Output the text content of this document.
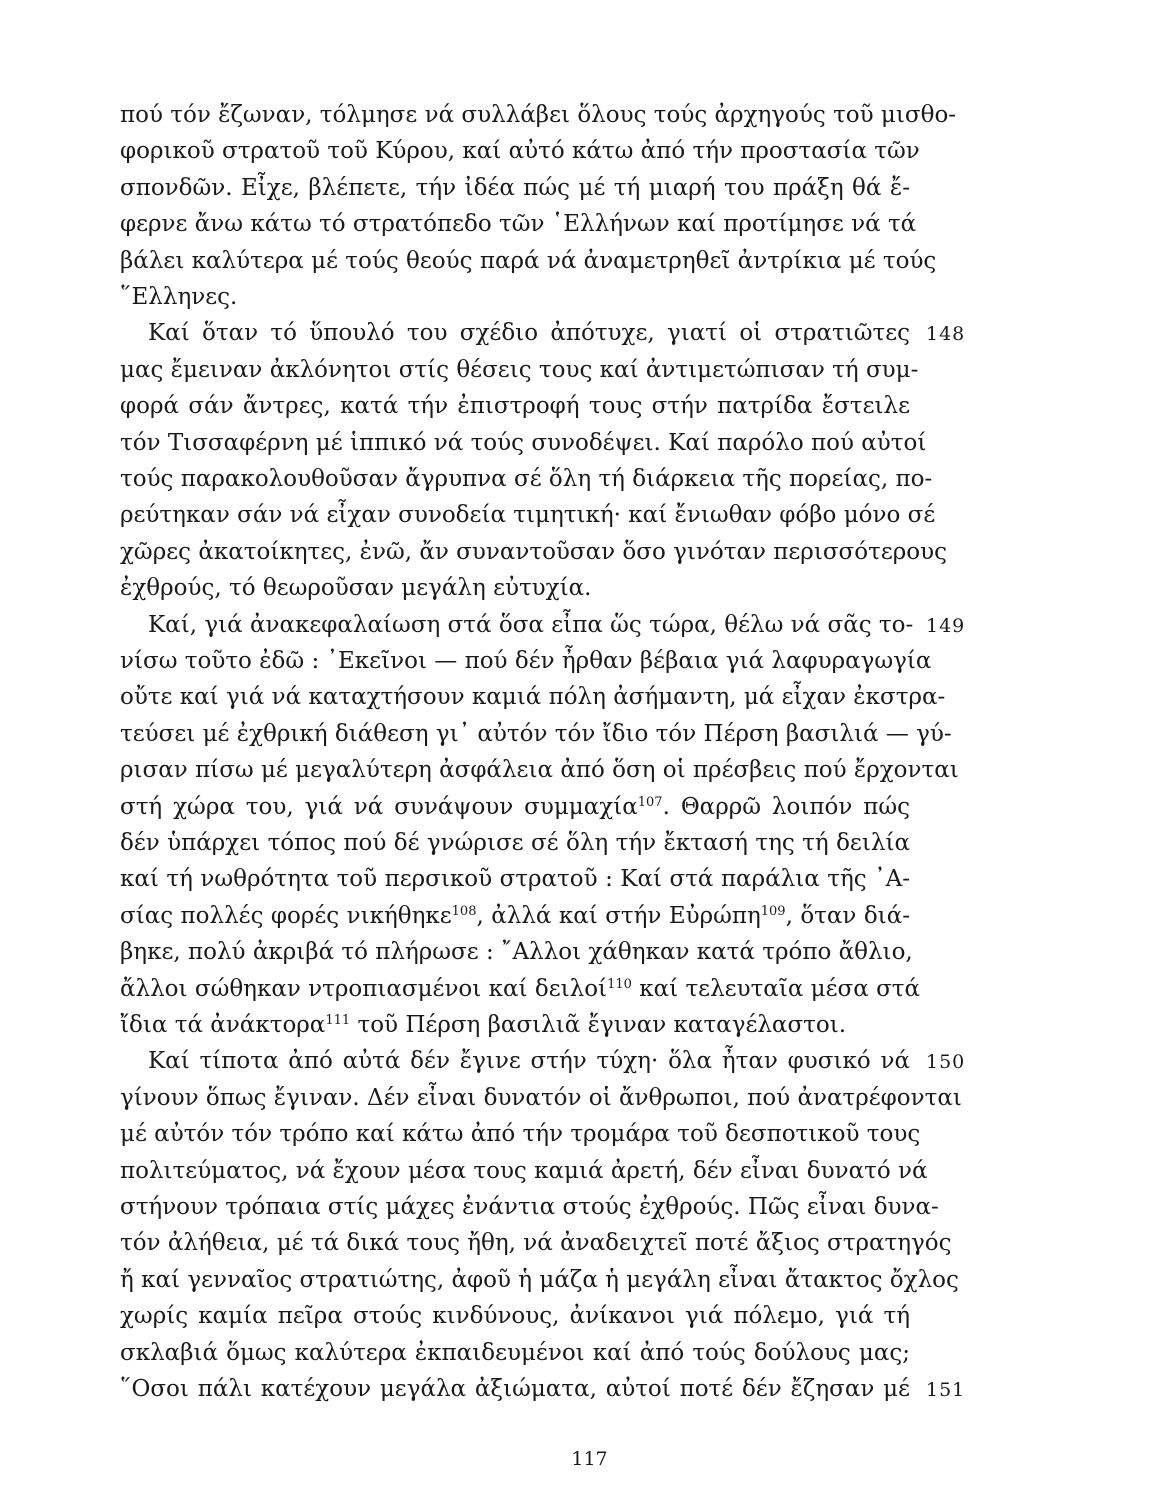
πού τόν ἔζωναν, τόλμησε νά συλλάβει ὅλους τούς ἀρχηγούς τοῦ μισθο-
φορικοῦ στρατοῦ τοῦ Κύρου, καί αὐτό κάτω ἀπό τήν προστασία τῶν
σπονδῶν. Εἶχε, βλέπετε, τήν ἰδέα πώς μέ τή μιαρή του πράξη θά ἔ-
φερνε ἄνω κάτω τό στρατόπεδο τῶν ῾Ελλήνων καί προτίμησε νά τά
βάλει καλύτερα μέ τούς θεούς παρά νά ἀναμετρηθεῖ ἀντρίκια μέ τούς
῞Ελληνες.
Καί ὅταν τό ὕπουλό του σχέδιο ἀπότυχε, γιατί οἱ στρατιῶτες 148
μας ἔμειναν ἀκλόνητοι στίς θέσεις τους καί ἀντιμετώπισαν τή συμ-
φορά σάν ἄντρες, κατά τήν ἐπιστροφή τους στήν πατρίδα ἔστειλε
τόν Τισσαφέρνη μέ ἱππικό νά τούς συνοδέψει. Καί παρόλο πού αὐτοί
τούς παρακολουθοῦσαν ἄγρυπνα σέ ὅλη τή διάρκεια τῆς πορείας, πο-
ρεύτηκαν σάν νά εἶχαν συνοδεία τιμητική· καί ἔνιωθαν φόβο μόνο σέ
χῶρες ἀκατοίκητες, ἐνῶ, ἄν συναντοῦσαν ὅσο γινόταν περισσότερους
ἐχθρούς, τό θεωροῦσαν μεγάλη εὐτυχία.
Καί, γιά ἀνακεφαλαίωση στά ὅσα εἶπα ὥς τώρα, θέλω νά σᾶς το- 149
νίσω τοῦτο ἐδῶ : ᾿Εκεῖνοι — πού δέν ἦρθαν βέβαια γιά λαφυραγωγία
οὔτε καί γιά νά καταχτήσουν καμιά πόλη ἀσήμαντη, μά εἶχαν ἐκστρα-
τεύσει μέ ἐχθρική διάθεση γι᾿ αὐτόν τόν ἴδιο τόν Πέρση βασιλιά — γύ-
ρισαν πίσω μέ μεγαλύτερη ἀσφάλεια ἀπό ὅση οἱ πρέσβεις πού ἔρχονται
στή χώρα του, γιά νά συνάψουν συμμαχία$^{107}$. Θαρρῶ λοιπόν πώς
δέν ὑπάρχει τόπος πού δέ γνώρισε σέ ὅλη τήν ἔκτασή της τή δειλία
καί τή νωθρότητα τοῦ περσικοῦ στρατοῦ : Καί στά παράλια τῆς ᾿Α-
σίας πολλές φορές νικήθηκε$^{108}$, ἀλλά καί στήν Εὐρώπη$^{109}$, ὅταν διά-
βηκε, πολύ ἀκριβά τό πλήρωσε : ῎Αλλοι χάθηκαν κατά τρόπο ἄθλιο,
ἄλλοι σώθηκαν ντροπιασμένοι καί δειλοί$^{110}$ καί τελευταῖα μέσα στά
ἴδια τά ἀνάκτορα$^{111}$ τοῦ Πέρση βασιλιᾶ ἔγιναν καταγέλαστοι.
Καί τίποτα ἀπό αὐτά δέν ἔγινε στήν τύχη· ὅλα ἦταν φυσικό νά 150
γίνουν ὅπως ἔγιναν. Δέν εἶναι δυνατόν οἱ ἄνθρωποι, πού ἀνατρέφονται
μέ αὐτόν τόν τρόπο καί κάτω ἀπό τήν τρομάρα τοῦ δεσποτικοῦ τους
πολιτεύματος, νά ἔχουν μέσα τους καμιά ἀρετή, δέν εἶναι δυνατό νά
στήνουν τρόπαια στίς μάχες ἐνάντια στούς ἐχθρούς. Πῶς εἶναι δυνα-
τόν ἀλήθεια, μέ τά δικά τους ἤθη, νά ἀναδειχτεῖ ποτέ ἄξιος στρατηγός
ἤ καί γενναῖος στρατιώτης, ἀφοῦ ἡ μάζα ἡ μεγάλη εἶναι ἄτακτος ὄχλος
χωρίς καμία πεῖρα στούς κινδύνους, ἀνίκανοι γιά πόλεμο, γιά τή
σκλαβιά ὅμως καλύτερα ἐκπαιδευμένοι καί ἀπό τούς δούλους μας;
῞Οσοι πάλι κατέχουν μεγάλα ἀξιώματα, αὐτοί ποτέ δέν ἔζησαν μέ 151
117
